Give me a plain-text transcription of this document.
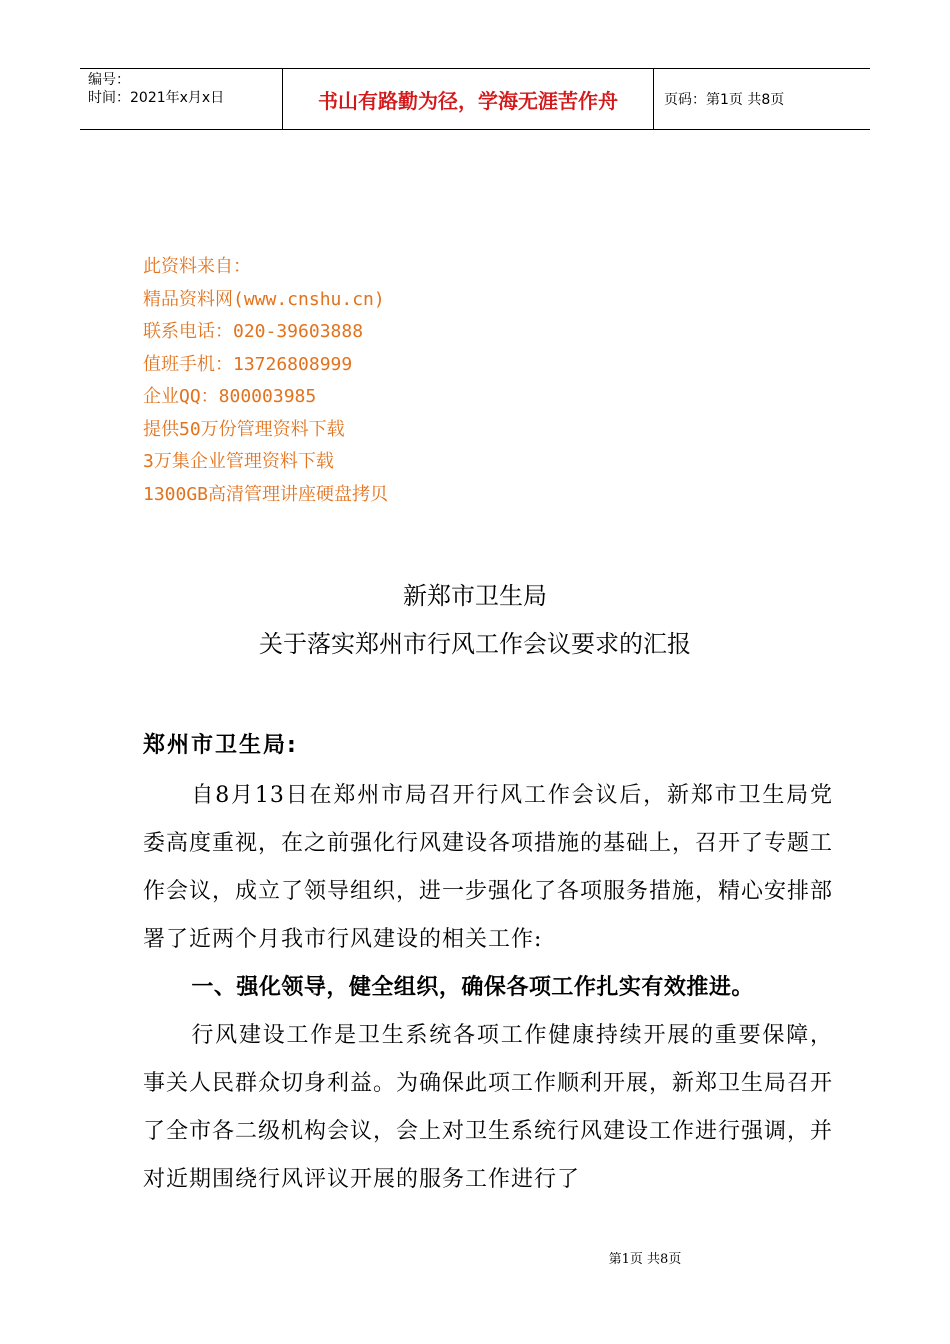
编号：
时间：2021年x月x日	书山有路勤为径，学海无涯苦作舟	页码：第1页 共8页
此资料来自：
精品资料网(www.cnshu.cn)
联系电话：020-39603888
值班手机：13726808999
企业QQ：800003985
提供50万份管理资料下载
3万集企业管理资料下载
1300GB高清管理讲座硬盘拷贝
新郑市卫生局
关于落实郑州市行风工作会议要求的汇报
郑州市卫生局:

自8月13日在郑州市局召开行风工作会议后，新郑市卫生局党委高度重视，在之前强化行风建设各项措施的基础上，召开了专题工作会议，成立了领导组织，进一步强化了各项服务措施，精心安排部署了近两个月我市行风建设的相关工作:

一、强化领导，健全组织，确保各项工作扎实有效推进。

行风建设工作是卫生系统各项工作健康持续开展的重要保障，事关人民群众切身利益。为确保此项工作顺利开展，新郑卫生局召开了全市各二级机构会议，会上对卫生系统行风建设工作进行强调，并对近期围绕行风评议开展的服务工作进行了

第1页 共8页
